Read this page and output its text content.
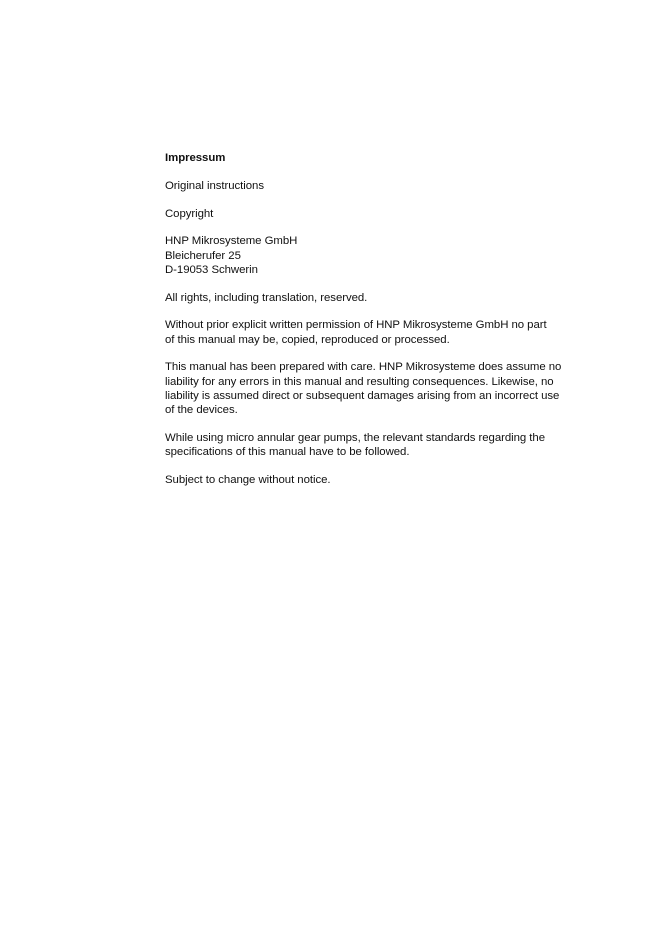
Impressum
Original instructions
Copyright
HNP Mikrosysteme GmbH
Bleicherufer 25
D-19053 Schwerin
All rights, including translation, reserved.
Without prior explicit written permission of HNP Mikrosysteme GmbH no part
of this manual may be, copied, reproduced or processed.
This manual has been prepared with care. HNP Mikrosysteme does assume no
liability for any errors in this manual and resulting consequences. Likewise, no
liability is assumed direct or subsequent damages arising from an incorrect use
of the devices.
While using micro annular gear pumps, the relevant standards regarding the
specifications of this manual have to be followed.
Subject to change without notice.
